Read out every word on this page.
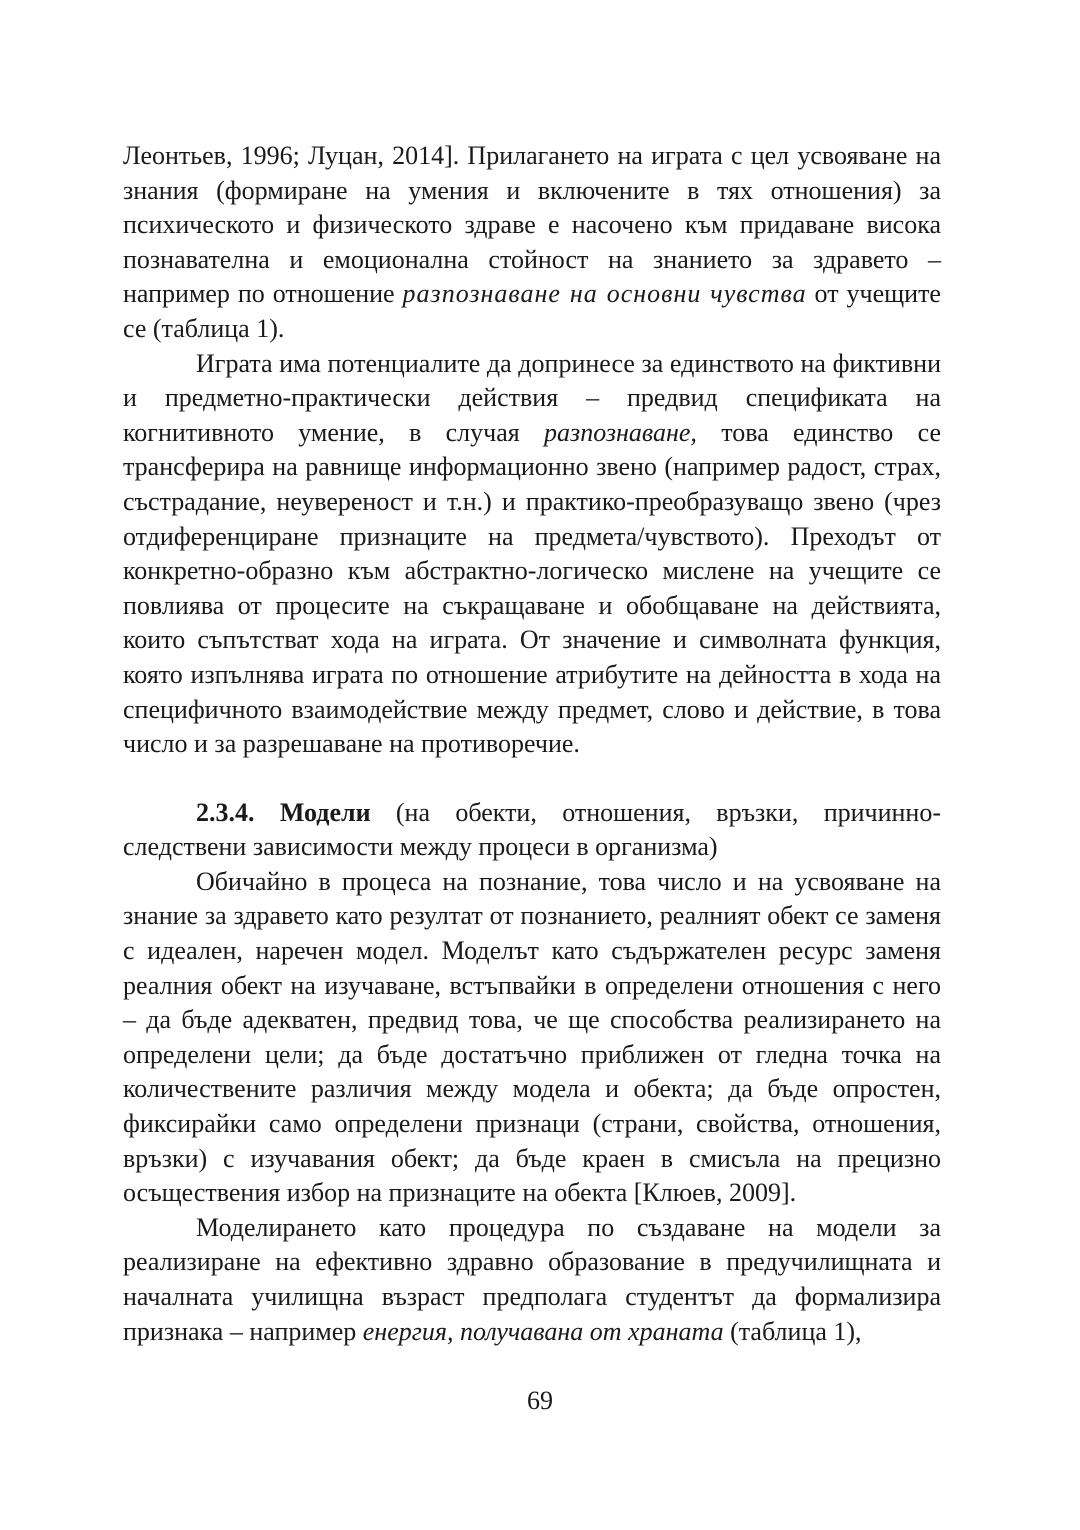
Леонтьев, 1996; Луцан, 2014]. Прилагането на играта с цел усвояване на знания (формиране на умения и включените в тях отношения) за психическото и физическото здраве е насочено към придаване висока познавателна и емоционална стойност на знанието за здравето – например по отношение разпознаване на основни чувства от учещите се (таблица 1).

Играта има потенциалите да допринесе за единството на фиктивни и предметно-практически действия – предвид спецификата на когнитивното умение, в случая разпознаване, това единство се трансферира на равнище информационно звено (например радост, страх, състрадание, неувереност и т.н.) и практико-преобразуващо звено (чрез отдиференциране признаците на предмета/чувството). Преходът от конкретно-образно към абстрактно-логическо мислене на учещите се повлиява от процесите на съкращаване и обобщаване на действията, които съпътстват хода на играта. От значение и символната функция, която изпълнява играта по отношение атрибутите на дейността в хода на специфичното взаимодействие между предмет, слово и действие, в това число и за разрешаване на противоречие.

2.3.4. Модели (на обекти, отношения, връзки, причинно-следствени зависимости между процеси в организма)

Обичайно в процеса на познание, това число и на усвояване на знание за здравето като резултат от познанието, реалният обект се заменя с идеален, наречен модел. Моделът като съдържателен ресурс заменя реалния обект на изучаване, встъпвайки в определени отношения с него – да бъде адекватен, предвид това, че ще способства реализирането на определени цели; да бъде достатъчно приближен от гледна точка на количествените различия между модела и обекта; да бъде опростен, фиксирайки само определени признаци (страни, свойства, отношения, връзки) с изучавания обект; да бъде краен в смисъла на прецизно осъществения избор на признаците на обекта [Клюев, 2009].

Моделирането като процедура по създаване на модели за реализиране на ефективно здравно образование в предучилищната и началната училищна възраст предполага студентът да формализира признака – например енергия, получавана от храната (таблица 1),

69
